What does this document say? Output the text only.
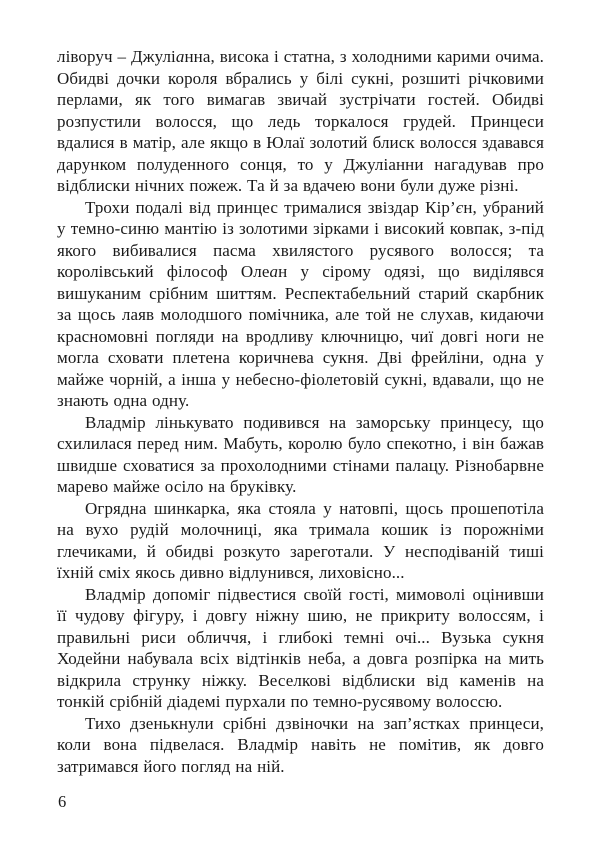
ліворуч – Джуліанна, висока і статна, з холодними карими очима. Обидві дочки короля вбрались у білі сукні, розшиті річковими перлами, як того вимагав звичай зустрічати гостей. Обидві розпустили волосся, що ледь торкалося грудей. Принцеси вдалися в матір, але якщо в Юлаї золотий блиск волосся здавався дарунком полуденного сонця, то у Джуліанни нагадував про відблиски нічних пожеж. Та й за вдачею вони були дуже різні.

Трохи подалі від принцес трималися звіздар Кір’єн, убраний у темно-синю мантію із золотими зірками і високий ковпак, з-під якого вибивалися пасма хвилястого русявого волосся; та королівський філософ Олеан у сірому одязі, що виділявся вишуканим срібним шиттям. Респектабельний старий скарбник за щось лаяв молодшого помічника, але той не слухав, кидаючи красномовні погляди на вродливу ключницю, чиї довгі ноги не могла сховати плетена коричнева сукня. Дві фрейліни, одна у майже чорній, а інша у небесно-фіолетовій сукні, вдавали, що не знають одна одну.

Владмір лінькувато подивився на заморську принцесу, що схилилася перед ним. Мабуть, королю було спекотно, і він бажав швидше сховатися за прохолодними стінами палацу. Різнобарвне марево майже осіло на бруківку.

Огрядна шинкарка, яка стояла у натовпі, щось прошепотіла на вухо рудій молочниці, яка тримала кошик із порожніми глечиками, й обидві розкуто зареготали. У несподіваній тиші їхній сміх якось дивно відлунився, лиховісно...

Владмір допоміг підвестися своїй гості, мимоволі оцінивши її чудову фігуру, і довгу ніжну шию, не прикриту волоссям, і правильні риси обличчя, і глибокі темні очі... Вузька сукня Ходейни набувала всіх відтінків неба, а довга розпірка на мить відкрила струнку ніжку. Веселкові відблиски від каменів на тонкій срібній діадемі пурхали по темно-русявому волоссю.

Тихо дзенькнули срібні дзвіночки на зап’ястках принцеси, коли вона підвелася. Владмір навіть не помітив, як довго затримався його погляд на ній.

6
